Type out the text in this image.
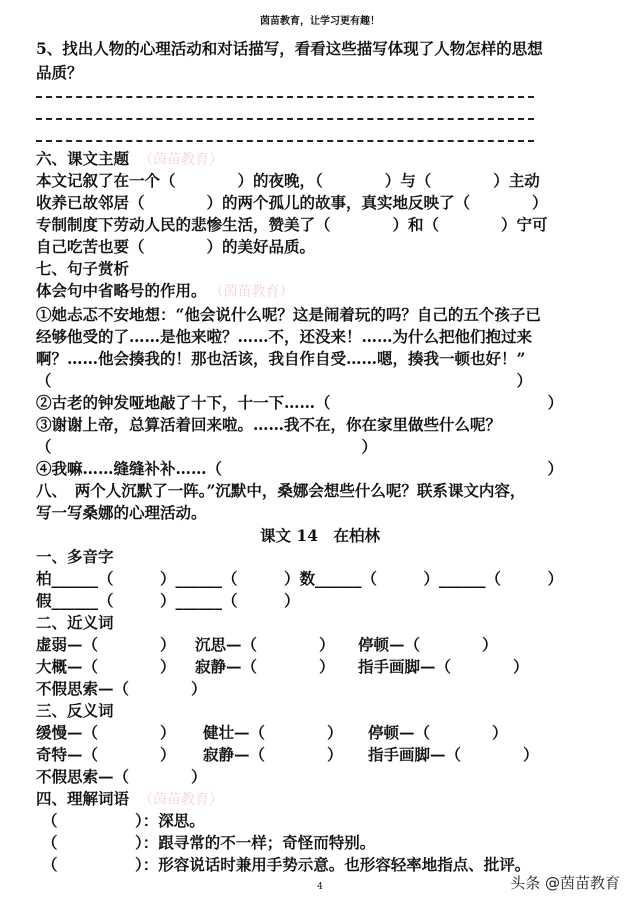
茵苗教育，让学习更有趣！
5、找出人物的心理活动和对话描写，看看这些描写体现了人物怎样的思想
品质？
六、课文主题 （茵苗教育）
本文记叙了在一个（　　　　）的夜晚，（　　　　）与（　　　　）主动
收养已故邻居（　　　　）的两个孤儿的故事，真实地反映了（　　　　）
专制制度下劳动人民的悲惨生活，赞美了（　　　　）和（　　　　）宁可
自己吃苦也要（　　　　）的美好品质。
七、句子赏析
体会句中省略号的作用。 （茵苗教育）
①她忐忑不安地想：“他会说什么呢？这是闹着玩的吗？自己的五个孩子已
经够他受的了……是他来啦？……不，还没来！……为什么把他们抱过来
啊？……他会揍我的！那也活该，我自作自受……嗯，揍我一顿也好！”
（　　　　　　　　　　　　　　　　　　　　　　　　　　　　　　）
②古老的钟发哑地敲了十下，十一下……（　　　　　　　　　　　　　　）
③谢谢上帝，总算活着回来啦。……我不在，你在家里做些什么呢？
（　　　　　　　　　　　　　　　　　　　　）
④我嘛……缝缝补补……（　　　　　　　　　　　　　　　　　　　　　）
八、　两个人沉默了一阵。”沉默中，桑娜会想些什么呢？联系课文内容，
写一写桑娜的心理活动。
课文 14　在柏林
一、多音字
柏______（　　　）______（　　　）数______（　　　）______（　　　）
假______（　　　）______（　　　）
二、近义词
虚弱—（　　　　） 沉思—（　　　　） 停顿—（　　　　）
大概—（　　　　） 寂静—（　　　　） 指手画脚—（　　　　）
不假思索—（　　　　）
三、反义词
缓慢—（　　　　） 健壮—（　　　　） 停顿—（　　　　）
奇特—（　　　　） 寂静—（　　　　） 指手画脚—（　　　　）
不假思索—（　　　　）
四、理解词语 （茵苗教育）
（　　　　　）：深思。
（　　　　　）：跟寻常的不一样；奇怪而特别。
（　　　　　）：形容说话时兼用手势示意。也形容轻率地指点、批评。
4	头条 @茵苗教育
